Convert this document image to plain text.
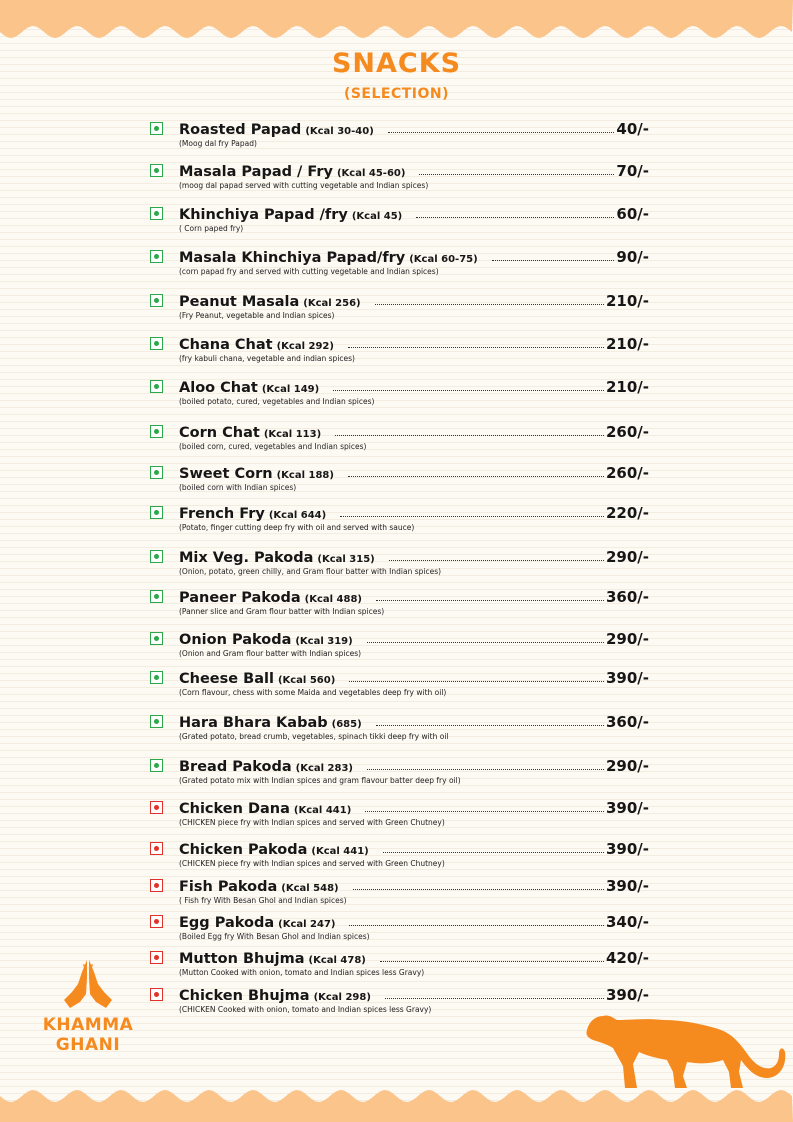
SNACKS
(SELECTION)
Roasted Papad (Kcal 30-40)	40/-
(Moog dal fry Papad)
Masala Papad / Fry (Kcal 45-60)	70/-
(moog dal papad served with cutting vegetable and Indian spices)
Khinchiya Papad /fry (Kcal 45)	60/-
( Corn paped fry)
Masala Khinchiya Papad/fry (Kcal 60-75)	90/-
(corn papad fry and served with cutting vegetable and Indian spices)
Peanut Masala (Kcal 256)	210/-
(Fry Peanut, vegetable and Indian spices)
Chana Chat (Kcal 292)	210/-
(fry kabuli chana, vegetable and indian spices)
Aloo Chat (Kcal 149)	210/-
(boiled potato, cured, vegetables and Indian spices)
Corn Chat (Kcal 113)	260/-
(boiled corn, cured, vegetables and Indian spices)
Sweet Corn (Kcal 188)	260/-
(boiled corn with Indian spices)
French Fry (Kcal 644)	220/-
(Potato, finger cutting deep fry with oil and served with sauce)
Mix Veg. Pakoda (Kcal 315)	290/-
(Onion, potato, green chilly, and Gram flour batter with Indian spices)
Paneer Pakoda (Kcal 488)	360/-
(Panner slice and Gram flour batter with Indian spices)
Onion Pakoda (Kcal 319)	290/-
(Onion and Gram flour batter with Indian spices)
Cheese Ball (Kcal 560)	390/-
(Corn flavour, chess with some Maida and vegetables deep fry with oil)
Hara Bhara Kabab (685)	360/-
(Grated potato, bread crumb, vegetables, spinach tikki deep fry with oil
Bread Pakoda (Kcal 283)	290/-
(Grated potato mix with Indian spices and gram flavour batter deep fry oil)
Chicken Dana (Kcal 441)	390/-
(CHICKEN piece fry with Indian spices and served with Green Chutney)
Chicken Pakoda (Kcal 441)	390/-
(CHICKEN piece fry with Indian spices and served with Green Chutney)
Fish Pakoda (Kcal 548)	390/-
( Fish fry With Besan Ghol and Indian spices)
Egg Pakoda (Kcal 247)	340/-
(Boiled Egg fry With Besan Ghol and Indian spices)
Mutton Bhujma (Kcal 478)	420/-
(Mutton Cooked with onion, tomato and Indian spices less Gravy)
Chicken Bhujma (Kcal 298)	390/-
(CHICKEN Cooked with onion, tomato and Indian spices less Gravy)
KHAMMA
GHANI
